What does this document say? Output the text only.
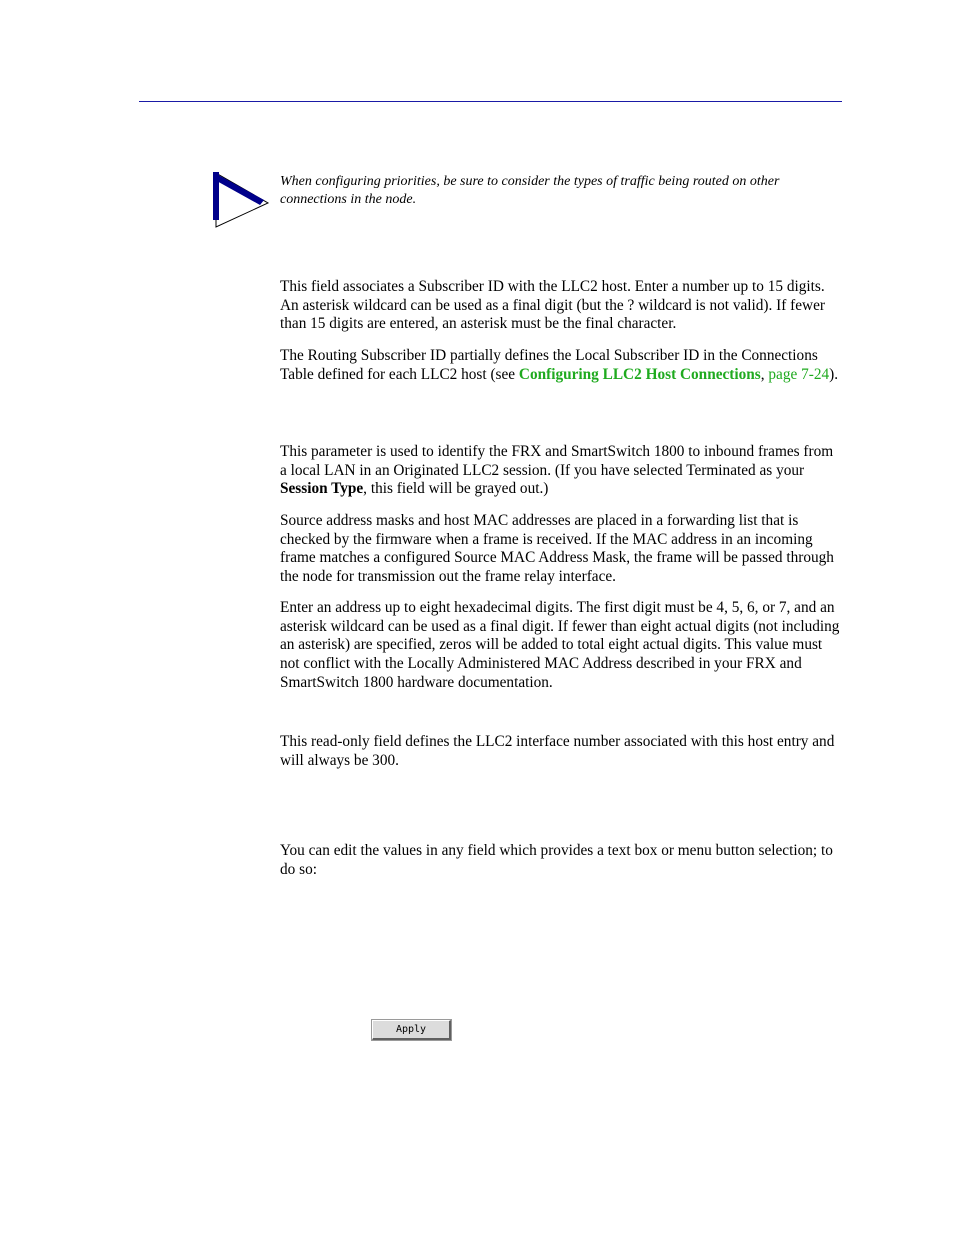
When configuring priorities, be sure to consider the types of traffic being routed on other connections in the node.

This field associates a Subscriber ID with the LLC2 host. Enter a number up to 15 digits. An asterisk wildcard can be used as a final digit (but the ? wildcard is not valid). If fewer than 15 digits are entered, an asterisk must be the final character.

The Routing Subscriber ID partially defines the Local Subscriber ID in the Connections Table defined for each LLC2 host (see Configuring LLC2 Host Connections, page 7-24).

This parameter is used to identify the FRX and SmartSwitch 1800 to inbound frames from a local LAN in an Originated LLC2 session. (If you have selected Terminated as your Session Type, this field will be grayed out.)

Source address masks and host MAC addresses are placed in a forwarding list that is checked by the firmware when a frame is received. If the MAC address in an incoming frame matches a configured Source MAC Address Mask, the frame will be passed through the node for transmission out the frame relay interface.

Enter an address up to eight hexadecimal digits. The first digit must be 4, 5, 6, or 7, and an asterisk wildcard can be used as a final digit. If fewer than eight actual digits (not including an asterisk) are specified, zeros will be added to total eight actual digits. This value must not conflict with the Locally Administered MAC Address described in your FRX and SmartSwitch 1800 hardware documentation.

This read-only field defines the LLC2 interface number associated with this host entry and will always be 300.

You can edit the values in any field which provides a text box or menu button selection; to do so:

Apply
